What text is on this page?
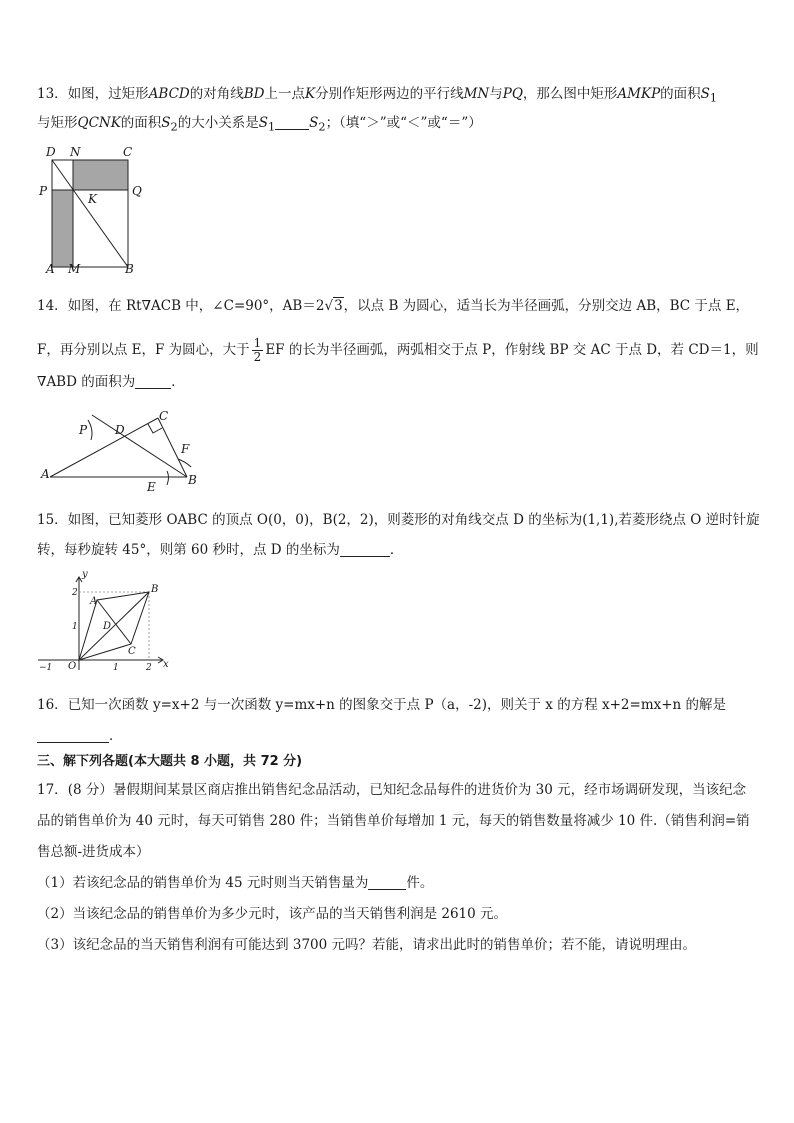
13．如图，过矩形ABCD的对角线BD上一点K分别作矩形两边的平行线MN与PQ，那么图中矩形AMKP的面积$S_1$
与矩形QCNK的面积$S_2$的大小关系是$S_1$	$S_2$；（填“＞”或“＜”或“＝”）
D N	C
P	Q
K
A M	B
14．如图，在 Rt∇ACB 中，∠C=90°，AB＝2√3，以点 B 为圆心，适当长为半径画弧，分别交边 AB，BC 于点 E，
F，再分别以点 E，F 为圆心，大于 $\frac{1}{2}$ EF 的长为半径画弧，两弧相交于点 P，作射线 BP 交 AC 于点 D，若 CD＝1，则
∇ABD 的面积为	．
P D
C
F
A
E	B
15．如图，已知菱形 OABC 的顶点 O(0，0)，B(2，2)，则菱形的对角线交点 D 的坐标为(1,1),若菱形绕点 O 逆时针旋
转，每秒旋转 45°，则第 60 秒时，点 D 的坐标为	．
y
x
O
A
B
C
D
2
1
−1	1	2
16．已知一次函数 y=x+2 与一次函数 y=mx+n 的图象交于点 P（a，-2)，则关于 x 的方程 x+2=mx+n 的解是
．
三、解下列各题(本大题共 8 小题，共 72 分)
17．(8 分）暑假期间某景区商店推出销售纪念品活动，已知纪念品每件的进货价为 30 元，经市场调研发现，当该纪念
品的销售单价为 40 元时，每天可销售 280 件；当销售单价每增加 1 元，每天的销售数量将减少 10 件.（销售利润=销
售总额-进货成本）
（1）若该纪念品的销售单价为 45 元时则当天销售量为	件。
（2）当该纪念品的销售单价为多少元时，该产品的当天销售利润是 2610 元。
（3）该纪念品的当天销售利润有可能达到 3700 元吗？若能，请求出此时的销售单价；若不能，请说明理由。
